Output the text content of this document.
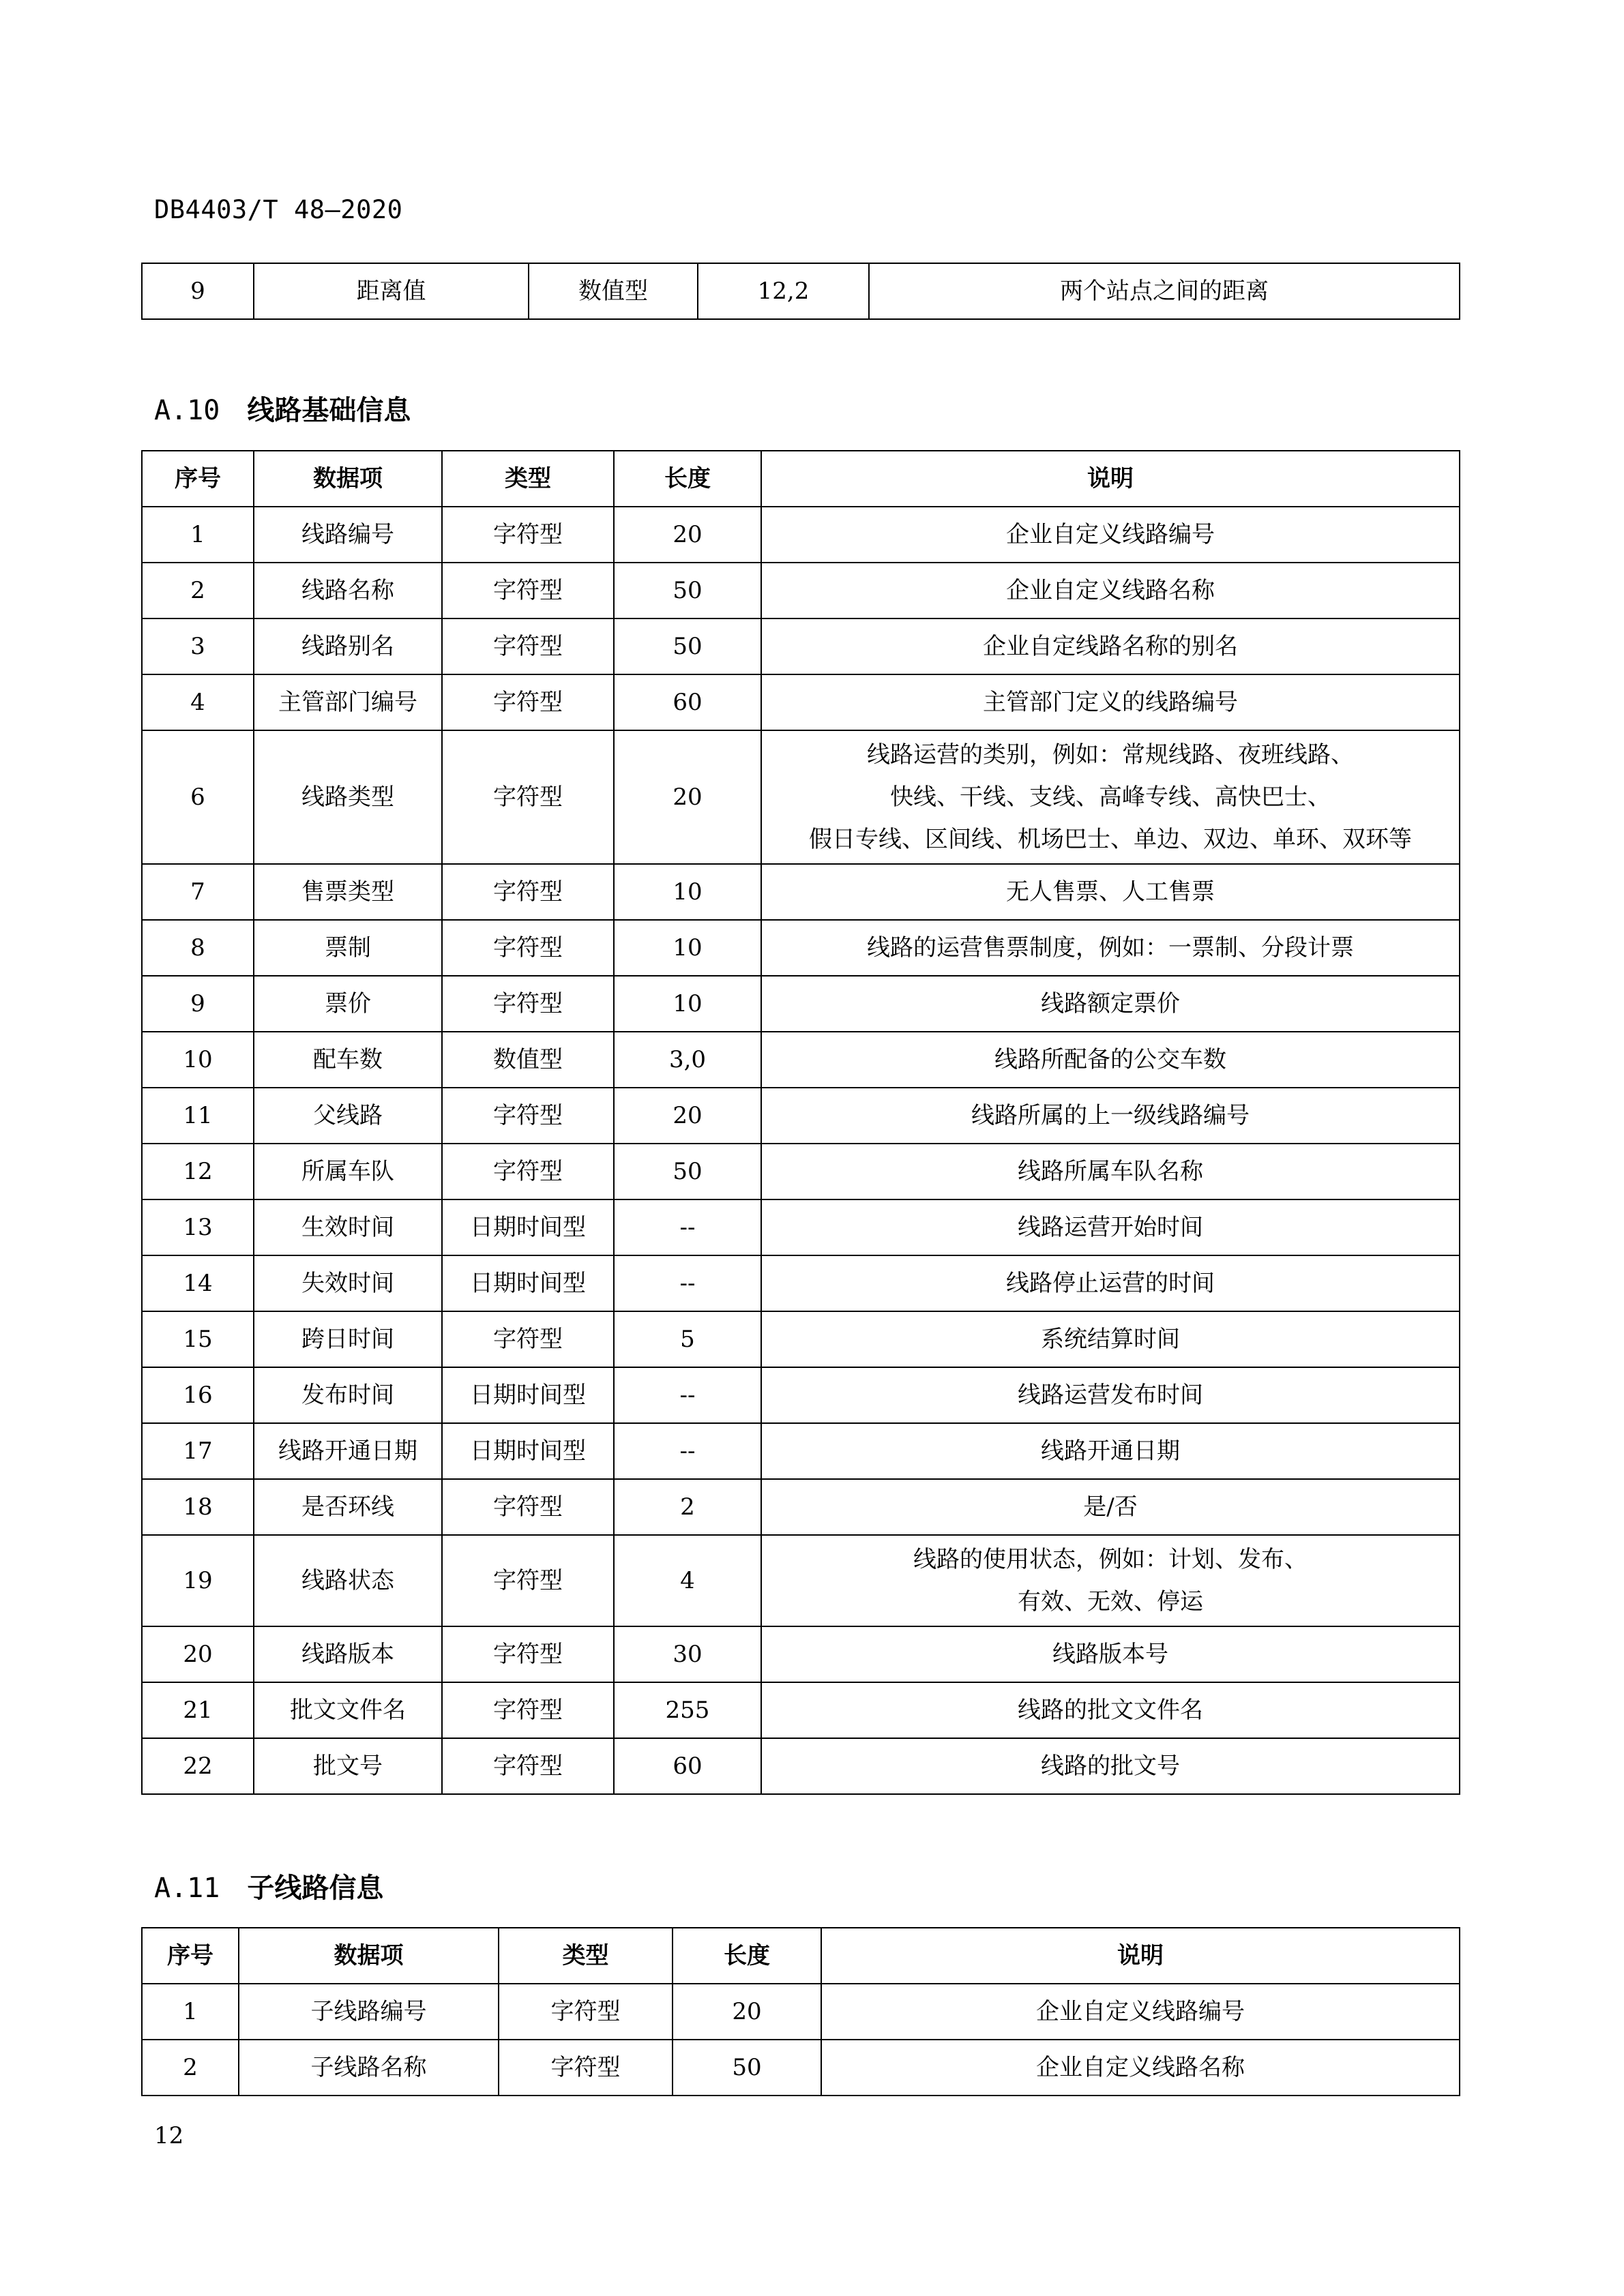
DB4403/T 48—2020
9	距离值	数值型	12,2	两个站点之间的距离
A.10 线路基础信息
序号	数据项	类型	长度	说明
1	线路编号	字符型	20	企业自定义线路编号
2	线路名称	字符型	50	企业自定义线路名称
3	线路别名	字符型	50	企业自定线路名称的别名
4	主管部门编号	字符型	60	主管部门定义的线路编号
6	线路类型	字符型	20	线路运营的类别，例如：常规线路、夜班线路、
快线、干线、支线、高峰专线、高快巴士、
假日专线、区间线、机场巴士、单边、双边、单环、双环等
7	售票类型	字符型	10	无人售票、人工售票
8	票制	字符型	10	线路的运营售票制度，例如：一票制、分段计票
9	票价	字符型	10	线路额定票价
10	配车数	数值型	3,0	线路所配备的公交车数
11	父线路	字符型	20	线路所属的上一级线路编号
12	所属车队	字符型	50	线路所属车队名称
13	生效时间	日期时间型	--	线路运营开始时间
14	失效时间	日期时间型	--	线路停止运营的时间
15	跨日时间	字符型	5	系统结算时间
16	发布时间	日期时间型	--	线路运营发布时间
17	线路开通日期	日期时间型	--	线路开通日期
18	是否环线	字符型	2	是/否
19	线路状态	字符型	4	线路的使用状态，例如：计划、发布、
有效、无效、停运
20	线路版本	字符型	30	线路版本号
21	批文文件名	字符型	255	线路的批文文件名
22	批文号	字符型	60	线路的批文号
A.11 子线路信息
序号	数据项	类型	长度	说明
1	子线路编号	字符型	20	企业自定义线路编号
2	子线路名称	字符型	50	企业自定义线路名称
12
